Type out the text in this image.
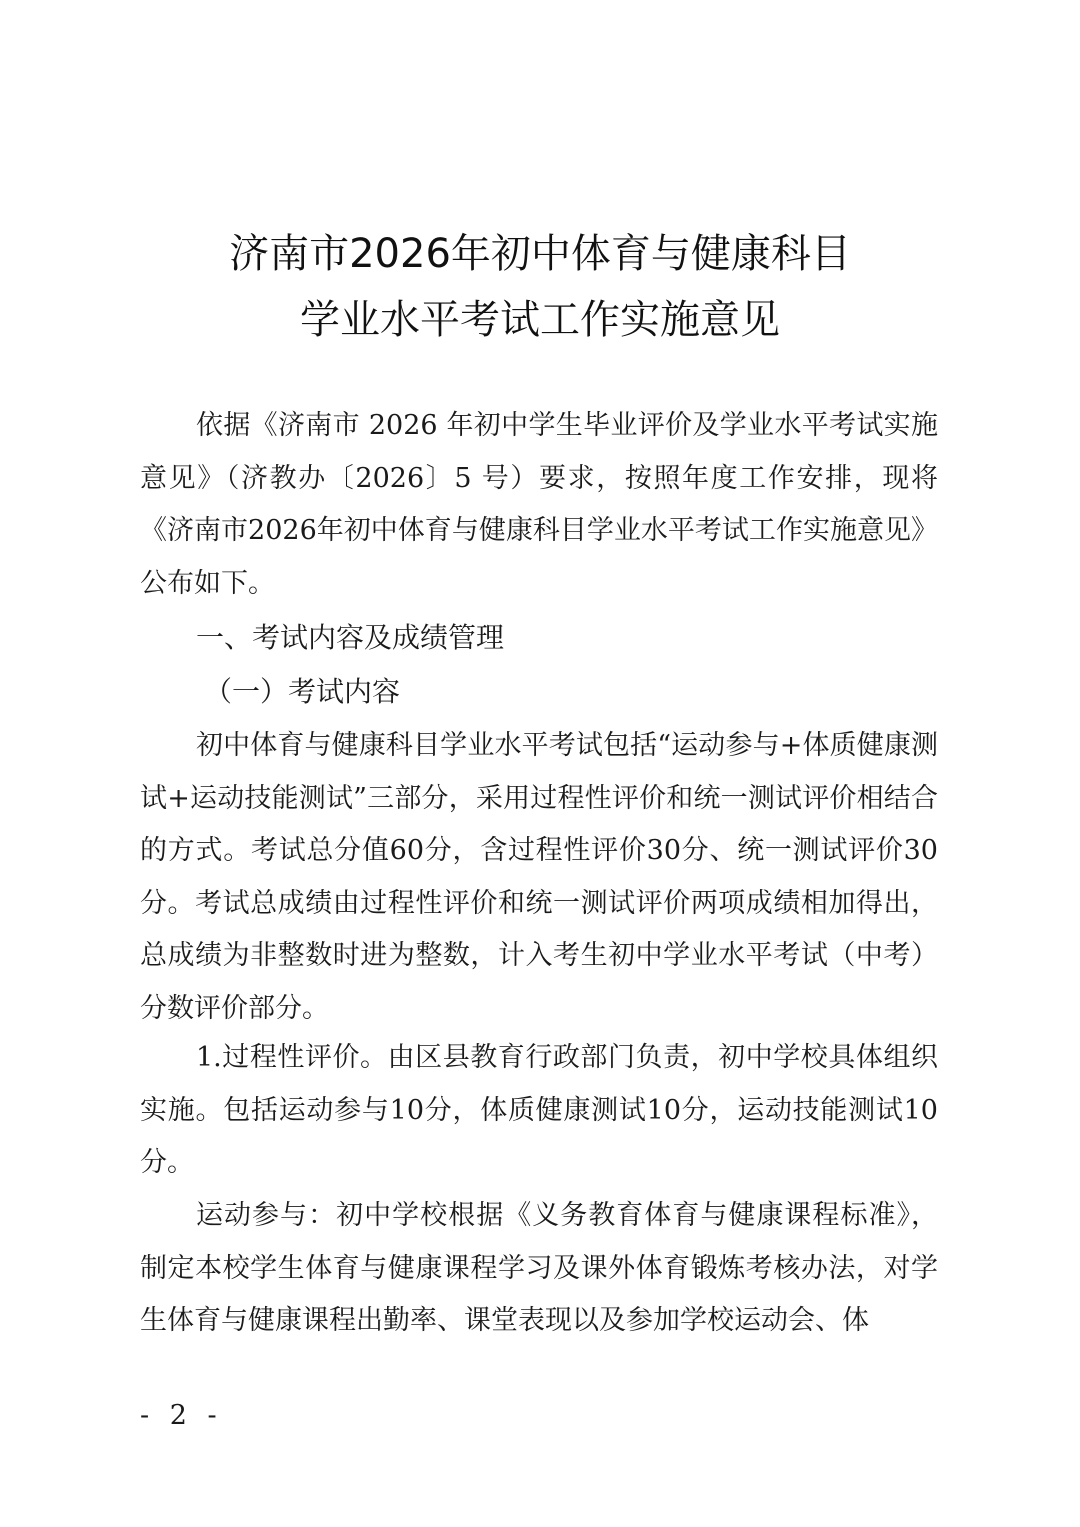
济南市2026年初中体育与健康科目
学业水平考试工作实施意见
依据《济南市 2026 年初中学生毕业评价及学业水平考试实施意见》（济教办〔2026〕5 号）要求，按照年度工作安排，现将《济南市2026年初中体育与健康科目学业水平考试工作实施意见》公布如下。
一、考试内容及成绩管理
（一）考试内容
初中体育与健康科目学业水平考试包括“运动参与+体质健康测试+运动技能测试”三部分，采用过程性评价和统一测试评价相结合的方式。考试总分值60分，含过程性评价30分、统一测试评价30分。考试总成绩由过程性评价和统一测试评价两项成绩相加得出，总成绩为非整数时进为整数，计入考生初中学业水平考试（中考）分数评价部分。
1.过程性评价。由区县教育行政部门负责，初中学校具体组织实施。包括运动参与10分，体质健康测试10分，运动技能测试10分。
运动参与：初中学校根据《义务教育体育与健康课程标准》，制定本校学生体育与健康课程学习及课外体育锻炼考核办法，对学生体育与健康课程出勤率、课堂表现以及参加学校运动会、体
- 2 -
